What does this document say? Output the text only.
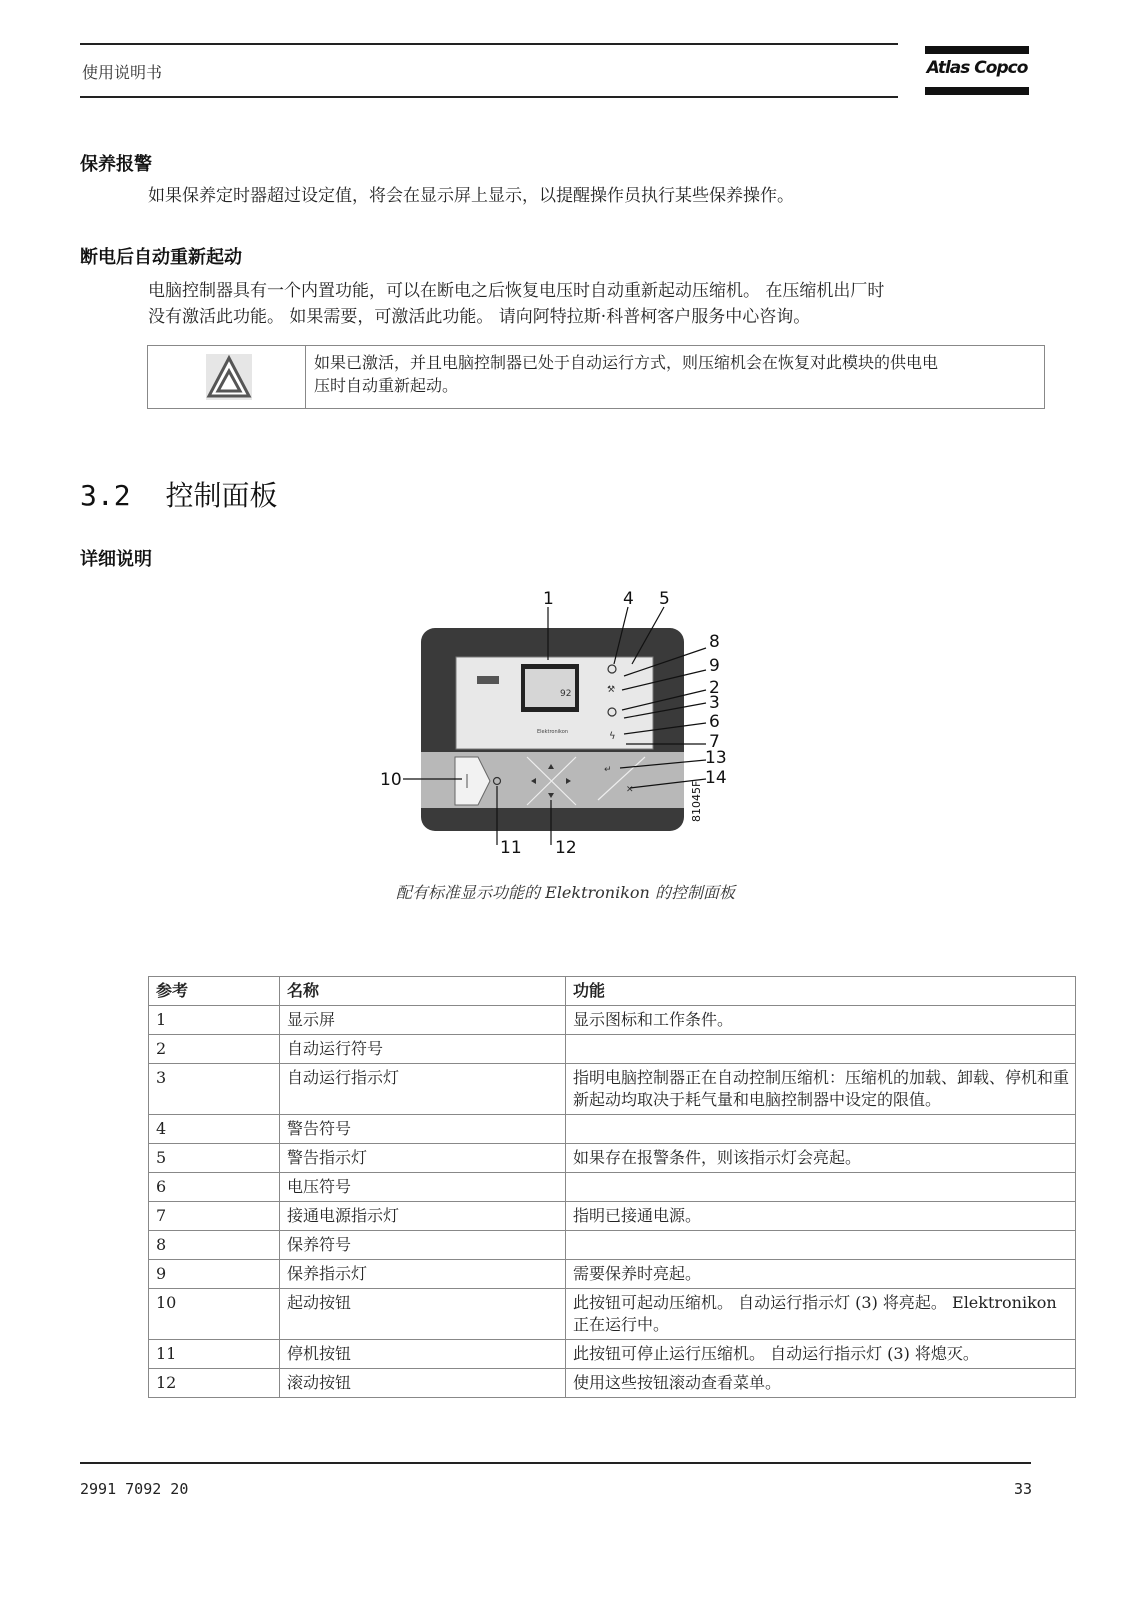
使用说明书	Atlas Copco
保养报警
如果保养定时器超过设定值，将会在显示屏上显示，以提醒操作员执行某些保养操作。
断电后自动重新起动
电脑控制器具有一个内置功能，可以在断电之后恢复电压时自动重新起动压缩机。 在压缩机出厂时
没有激活此功能。 如果需要，可激活此功能。 请向阿特拉斯·科普柯客户服务中心咨询。
如果已激活，并且电脑控制器已处于自动运行方式，则压缩机会在恢复对此模块的供电电
压时自动重新起动。
3.2 控制面板
详细说明
92
Elektronikon
⚒
ϟ
↵
✕
1	4 5
8
9
2
3
6
7
13
14
10
11 12
81045F
配有标准显示功能的 Elektronikon 的控制面板
参考	名称	功能
1	显示屏	显示图标和工作条件。
2	自动运行符号	
3	自动运行指示灯	指明电脑控制器正在自动控制压缩机：压缩机的加载、卸载、停机和重新起动均取决于耗气量和电脑控制器中设定的限值。
4	警告符号	
5	警告指示灯	如果存在报警条件，则该指示灯会亮起。
6	电压符号	
7	接通电源指示灯	指明已接通电源。
8	保养符号	
9	保养指示灯	需要保养时亮起。
10	起动按钮	此按钮可起动压缩机。 自动运行指示灯 (3) 将亮起。 Elektronikon 正在运行中。
11	停机按钮	此按钮可停止运行压缩机。 自动运行指示灯 (3) 将熄灭。
12	滚动按钮	使用这些按钮滚动查看菜单。
2991 7092 20	33
